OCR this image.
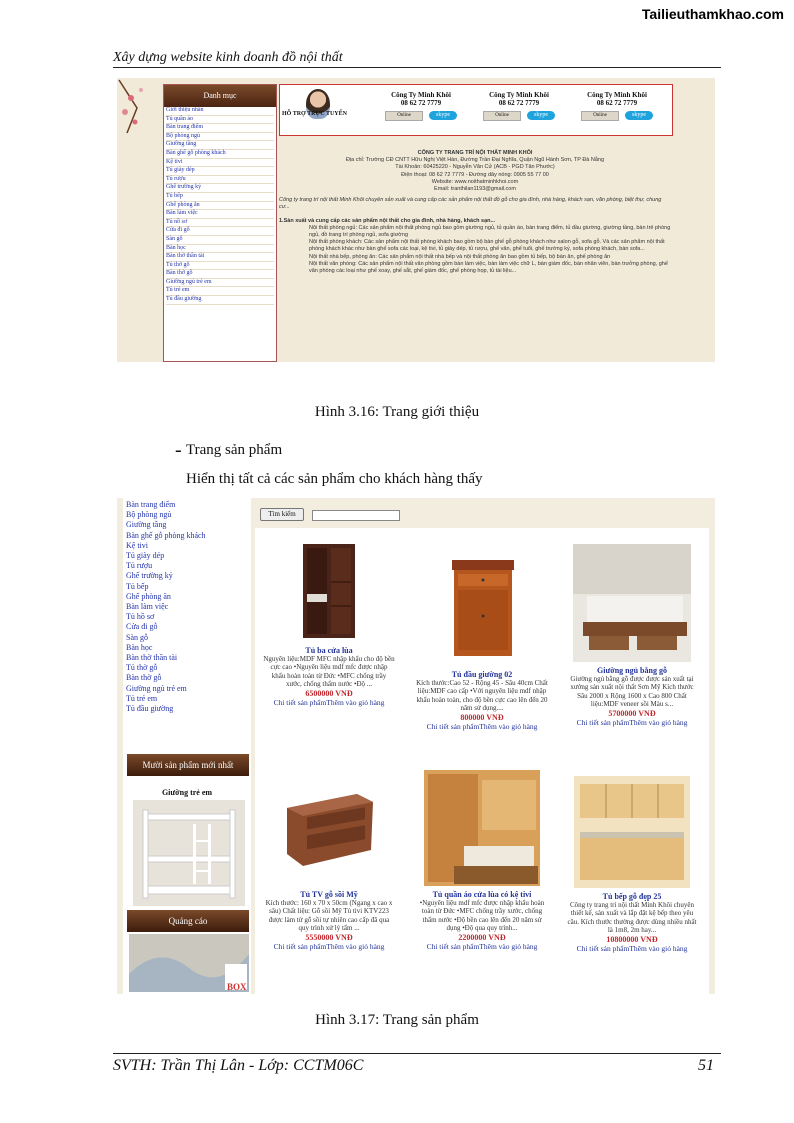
Tailieuthamkhao.com
Xây dựng website kinh doanh đồ nội thất
Danh mục
Giới thiệu nhân
Tủ quần áo
Bàn trang điểm
Bộ phòng ngủ
Giường tầng
Bàn ghế gỗ phòng khách
Kệ tivi
Tủ giày dép
Tủ rượu
Ghế trường kỷ
Tủ bếp
Ghế phòng ăn
Bàn làm việc
Tủ nồ sơ
Cửa đi gỗ
Sàn gỗ
Bàn học
Bàn thờ thần tài
Tủ thờ gỗ
Bàn thờ gỗ
Giường ngủ trẻ em
Tủ trẻ em
Tủ đầu giường
HỖ TRỢ TRỰC TUYẾN
Công Ty Minh Khôi
08 62 72 7779
Online	skype
Công Ty Minh Khôi
08 62 72 7779
Online	skype
Công Ty Minh Khôi
08 62 72 7779
Online	skype
CÔNG TY TRANG TRÍ NỘI THẤT MINH KHÔI
Địa chỉ: Trường CĐ CNTT Hữu Nghị Việt Hàn, Đường Trần Đại Nghĩa, Quận Ngũ Hành Sơn, TP Đà Nẵng
Tài Khoản: 60425220 - Nguyễn Văn Cử (ACB - PGD Tân Phước)
Điện thoại: 08 62 72 7779 - Đường dây nóng: 0905 55 77 00
Website: www.noithatminhkhoi.com
Email: tranthilan1193@gmail.com
Công ty trang trí nội thất Minh Khôi chuyên sản xuất và cung cấp các sản phẩm nội thất đồ gỗ cho gia đình, nhà hàng, khách sạn, văn phòng, biệt thự, chung cư...
1.Sản xuất và cung cấp các sản phẩm nội thất cho gia đình, nhà hàng, khách sạn...
Nội thất phòng ngủ: Các sản phẩm nội thất phòng ngủ bao gồm giường ngủ, tủ quần áo, bàn trang điểm, tủ đầu giường, giường tầng, bàn trẻ phòng ngủ, đồ trang trí phòng ngủ, sofa giường
Nội thất phòng khách: Các sản phẩm nội thất phòng khách bao gồm bộ bàn ghế gỗ phòng khách như salon gỗ, sofa gỗ. Và các sản phẩm nội thất phòng khách khác như bàn ghế sofa các loại, kệ tivi, tủ giày dép, tủ rượu, ghế vân, ghế tuổi, ghế trường kỷ, sofa phòng khách, bàn sofa...
Nội thất nhà bếp, phòng ăn: Các sản phẩm nội thất nhà bếp và nội thất phòng ăn bao gồm tủ bếp, bộ bàn ăn, ghế phòng ăn
Nội thất văn phòng: Các sản phẩm nội thất văn phòng gồm bàn làm việc, bàn làm việc chữ L, bàn giám đốc, bàn nhân viên, bàn trưởng phòng, ghế văn phòng các loại như ghế xoay, ghế sắt, ghế giám đốc, ghế phòng họp, tủ tài liệu...
Hình 3.16: Trang giới thiệu
- Trang sản phẩm
Hiển thị tất cả các sản phẩm cho khách hàng thấy
Bàn trang điểm
Bộ phòng ngủ
Giường tầng
Bàn ghế gỗ phòng khách
Kệ tivi
Tủ giày dép
Tủ rượu
Ghế trường kỷ
Tủ bếp
Ghế phòng ăn
Bàn làm việc
Tủ hồ sơ
Cửa đi gỗ
Sàn gỗ
Bàn học
Bàn thờ thần tài
Tủ thờ gỗ
Bàn thờ gỗ
Giường ngủ trẻ em
Tủ trẻ em
Tủ đầu giường
Mười sản phẩm mới nhất
Giường trẻ em
Quảng cáo
BOX
Tìm kiếm
Tủ ba cửa lùa
Nguyên liệu:MDF MFC nhập khẩu cho độ bền cực cao •Nguyên liệu mdf mfc được nhập khẩu hoàn toàn từ Đức •MFC chống trầy xước, chống thấm nước •Độ ...
6500000 VNĐ
Chi tiết sản phẩmThêm vào giỏ hàng
Tủ đầu giường 02
Kích thước:Cao 52 - Rộng 45 - Sâu 40cm Chất liệu:MDF cao cấp •Với nguyên liệu mdf nhập khẩu hoàn toàn, cho độ bền cực cao lên đến 20 năm sử dụng....
800000 VNĐ
Chi tiết sản phẩmThêm vào giỏ hàng
Giường ngủ bằng gỗ
Giường ngủ bằng gỗ được được sản xuất tại xưởng sản xuất nội thất Sơn Mỹ Kích thước Sâu 2000 x Rộng 1600 x Cao 800 Chất liệu:MDF veneer sồi Màu s...
5700000 VNĐ
Chi tiết sản phẩmThêm vào giỏ hàng
Tủ TV gỗ sồi Mỹ
Kích thước: 160 x 70 x 50cm (Ngang x cao x sâu) Chất liệu: Gỗ sồi Mỹ Tủ tivi KTV223 được làm từ gỗ sồi tự nhiên cao cấp đã qua quy trình xử lý tẩm ...
5550000 VNĐ
Chi tiết sản phẩmThêm vào giỏ hàng
Tủ quần áo cửa lùa có kệ tivi
•Nguyên liệu mdf mfc được nhập khẩu hoàn toàn từ Đức •MFC chống trầy xước, chống thấm nước •Độ bền cao lên đến 20 năm sử dụng •Độ qua quy trình...
2200000 VNĐ
Chi tiết sản phẩmThêm vào giỏ hàng
Tủ bếp gỗ đẹp 25
Công ty trang trí nội thất Minh Khôi chuyên thiết kế, sản xuất và lắp đặt kệ bếp theo yêu cầu. Kích thước thường được dùng nhiều nhất là 1m8, 2m hay...
10800000 VNĐ
Chi tiết sản phẩmThêm vào giỏ hàng
Hình 3.17: Trang sản phẩm
SVTH: Trần Thị Lân - Lớp: CCTM06C	51
